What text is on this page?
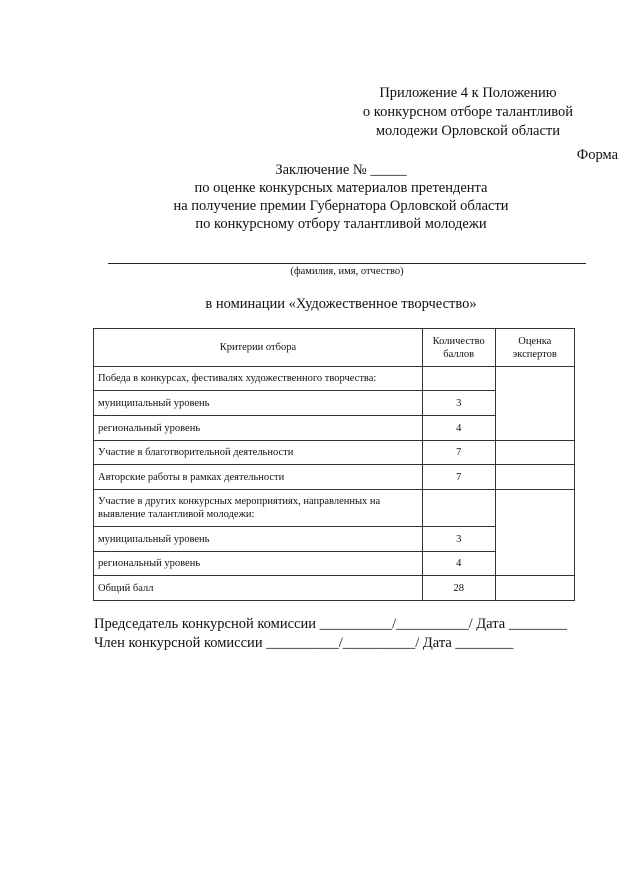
Приложение 4 к Положению
о конкурсном отборе талантливой
молодежи Орловской области
Форма
Заключение № _____
по оценке конкурсных материалов претендента
на получение премии Губернатора Орловской области
по конкурсному отбору талантливой молодежи
(фамилия, имя, отчество)
в номинации «Художественное творчество»
Критерии отбора	Количество баллов	Оценка экспертов
Победа в конкурсах, фестивалях художественного творчества:		
муниципальный уровень	3	
региональный уровень	4	
Участие в благотворительной деятельности	7	
Авторские работы в рамках деятельности	7	
Участие в других конкурсных мероприятиях, направленных на выявление талантливой молодежи:		
муниципальный уровень	3	
региональный уровень	4	
Общий балл	28	
Председатель конкурсной комиссии __________/__________/ Дата ________
Член конкурсной комиссии __________/__________/ Дата ________
